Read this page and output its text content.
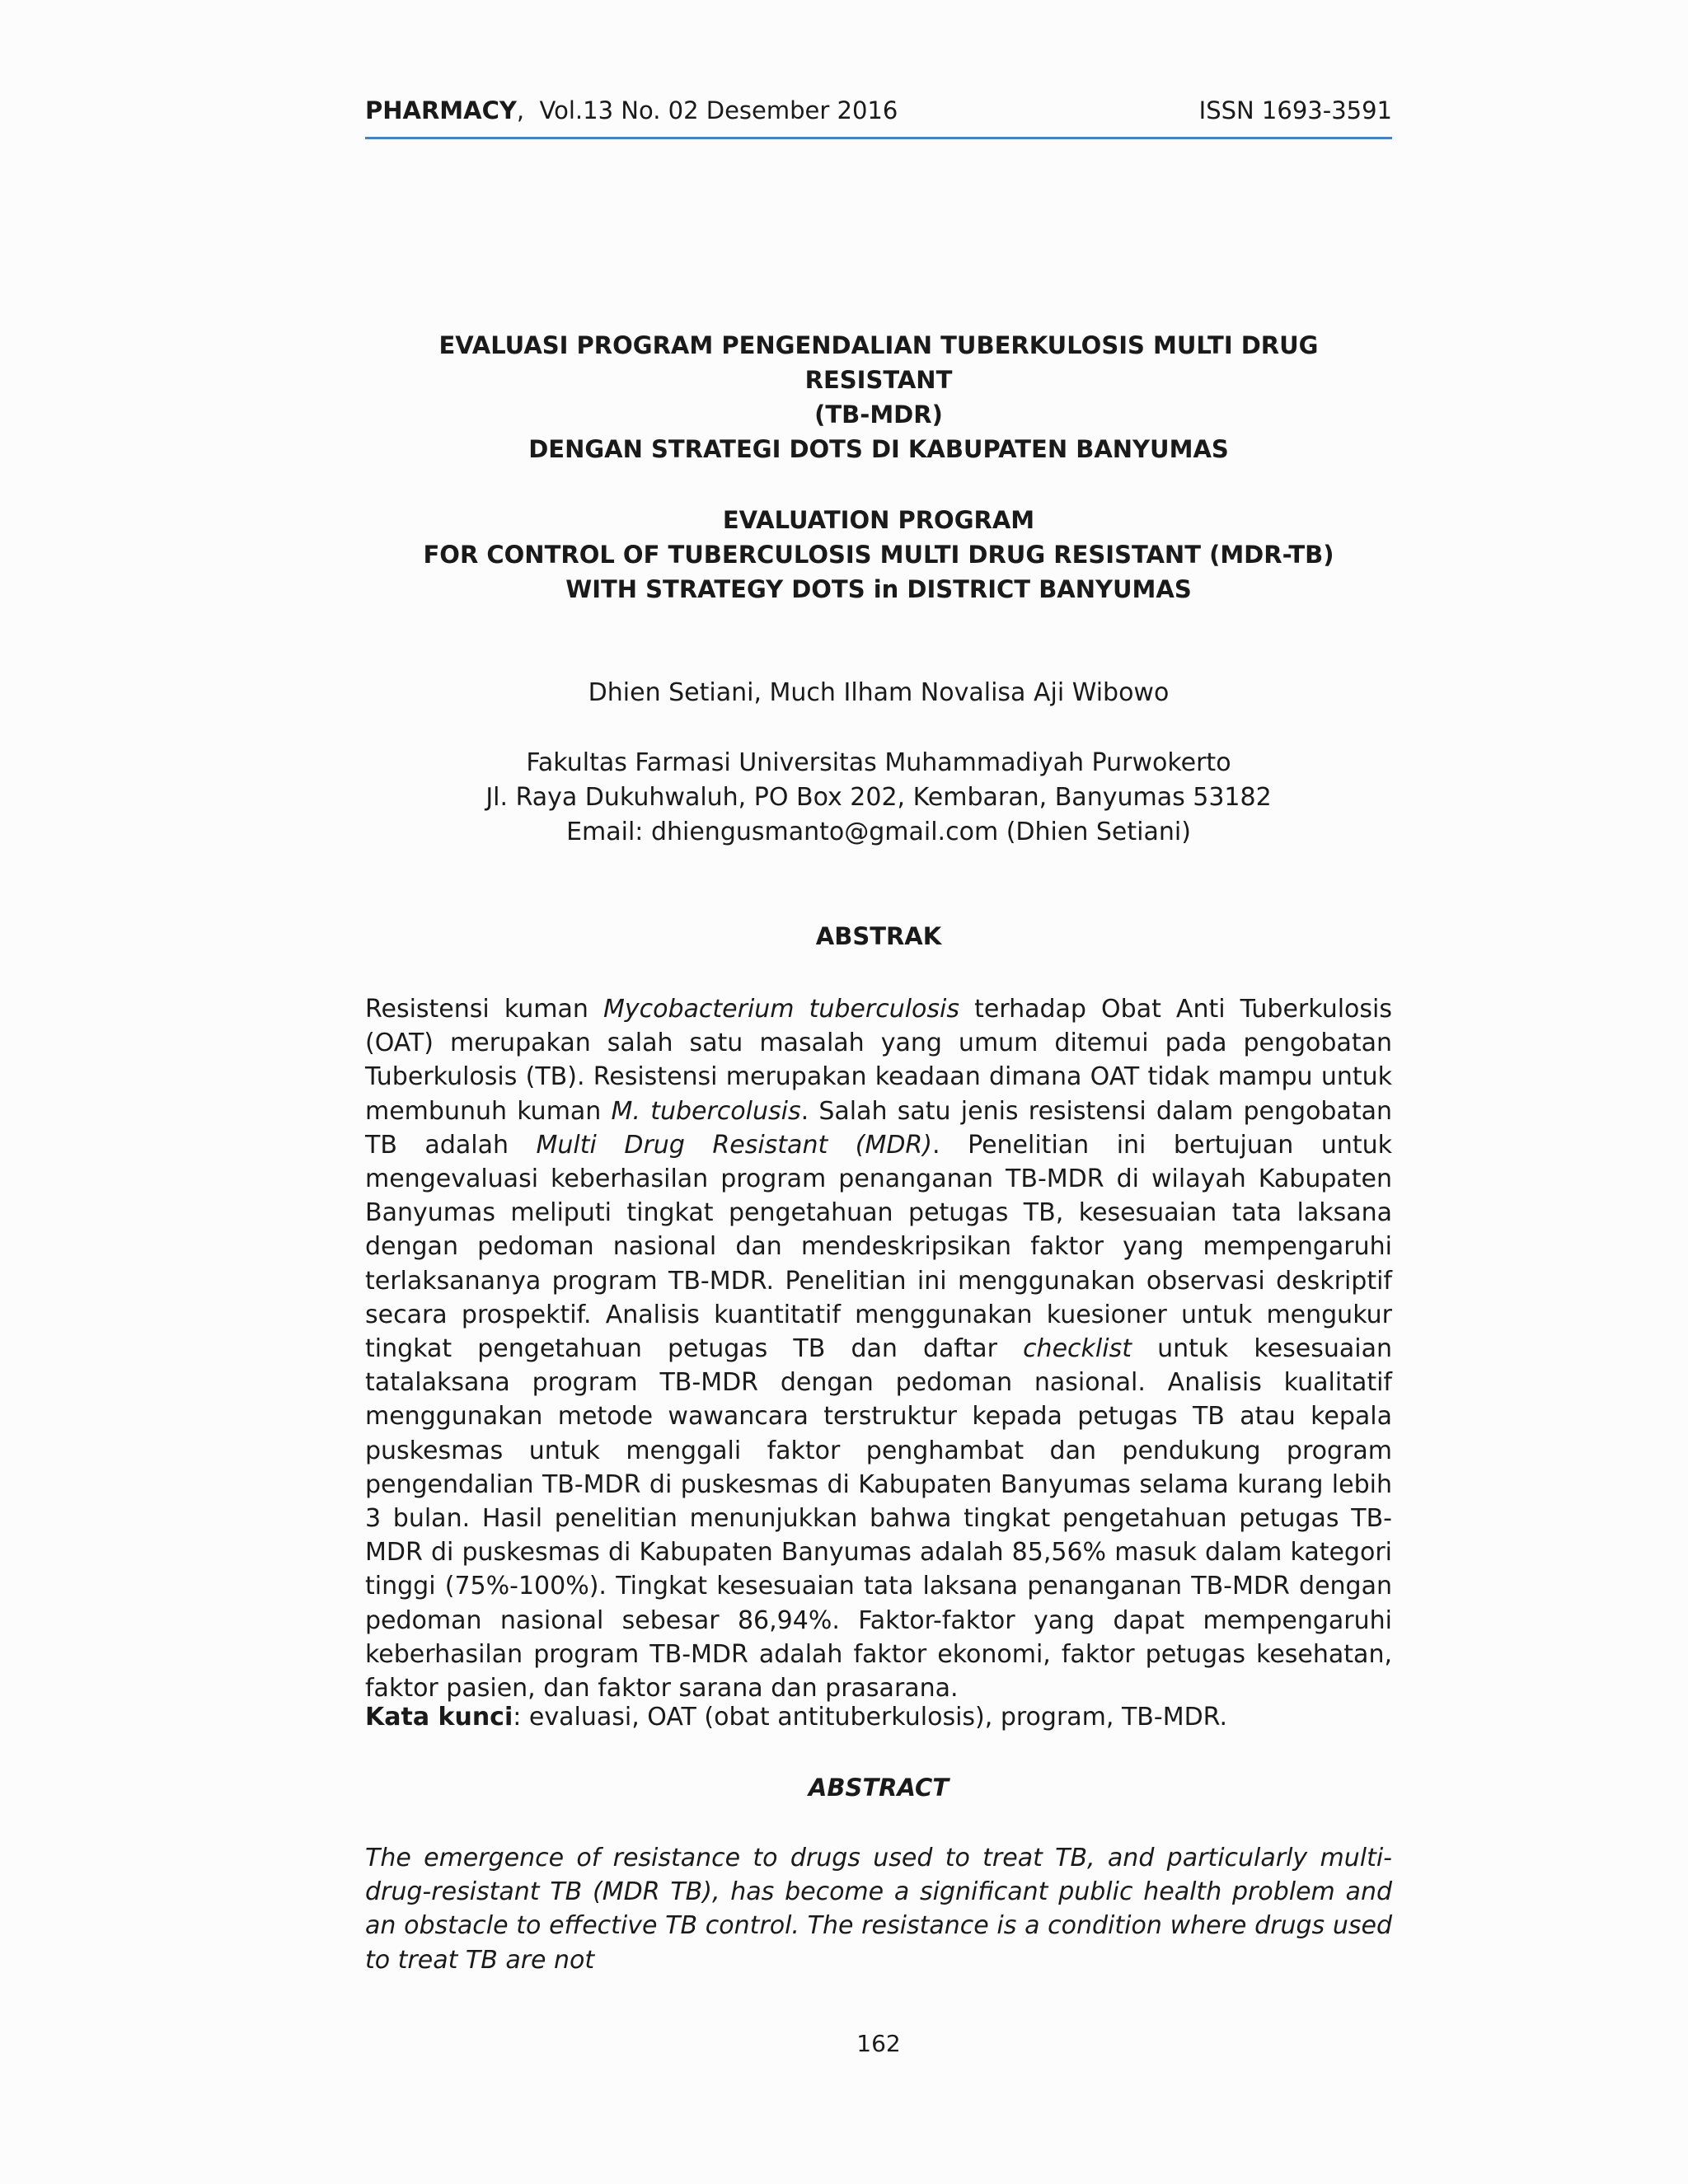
PHARMACY,  Vol.13 No. 02 Desember 2016	ISSN 1693-3591
EVALUASI PROGRAM PENGENDALIAN TUBERKULOSIS MULTI DRUG RESISTANT
(TB-MDR)
DENGAN STRATEGI DOTS DI KABUPATEN BANYUMAS
EVALUATION PROGRAM
FOR CONTROL OF TUBERCULOSIS MULTI DRUG RESISTANT (MDR-TB)
WITH STRATEGY DOTS in DISTRICT BANYUMAS
Dhien Setiani, Much Ilham Novalisa Aji Wibowo
Fakultas Farmasi Universitas Muhammadiyah Purwokerto
Jl. Raya Dukuhwaluh, PO Box 202, Kembaran, Banyumas 53182
Email: dhiengusmanto@gmail.com (Dhien Setiani)
ABSTRAK
Resistensi kuman Mycobacterium tuberculosis terhadap Obat Anti Tuberkulosis (OAT) merupakan salah satu masalah yang umum ditemui pada pengobatan Tuberkulosis (TB). Resistensi merupakan keadaan dimana OAT tidak mampu untuk membunuh kuman M. tubercolusis. Salah satu jenis resistensi dalam pengobatan TB adalah Multi Drug Resistant (MDR). Penelitian ini bertujuan untuk mengevaluasi keberhasilan program penanganan TB-MDR di wilayah Kabupaten Banyumas meliputi tingkat pengetahuan petugas TB, kesesuaian tata laksana dengan pedoman nasional dan mendeskripsikan faktor yang mempengaruhi terlaksananya program TB-MDR. Penelitian ini menggunakan observasi deskriptif secara prospektif. Analisis kuantitatif menggunakan kuesioner untuk mengukur tingkat pengetahuan petugas TB dan daftar checklist untuk kesesuaian tatalaksana program TB-MDR dengan pedoman nasional. Analisis kualitatif menggunakan metode wawancara terstruktur kepada petugas TB atau kepala puskesmas untuk menggali faktor penghambat dan pendukung program pengendalian TB-MDR di puskesmas di Kabupaten Banyumas selama kurang lebih 3 bulan. Hasil penelitian menunjukkan bahwa tingkat pengetahuan petugas TB-MDR di puskesmas di Kabupaten Banyumas adalah 85,56% masuk dalam kategori tinggi (75%-100%). Tingkat kesesuaian tata laksana penanganan TB-MDR dengan pedoman nasional sebesar 86,94%. Faktor-faktor yang dapat mempengaruhi keberhasilan program TB-MDR adalah faktor ekonomi, faktor petugas kesehatan, faktor pasien, dan faktor sarana dan prasarana.
Kata kunci: evaluasi, OAT (obat antituberkulosis), program, TB-MDR.
ABSTRACT
The emergence of resistance to drugs used to treat TB, and particularly multi-drug-resistant TB (MDR TB), has become a significant public health problem and an obstacle to effective TB control. The resistance is a condition where drugs used to treat TB are not
162
